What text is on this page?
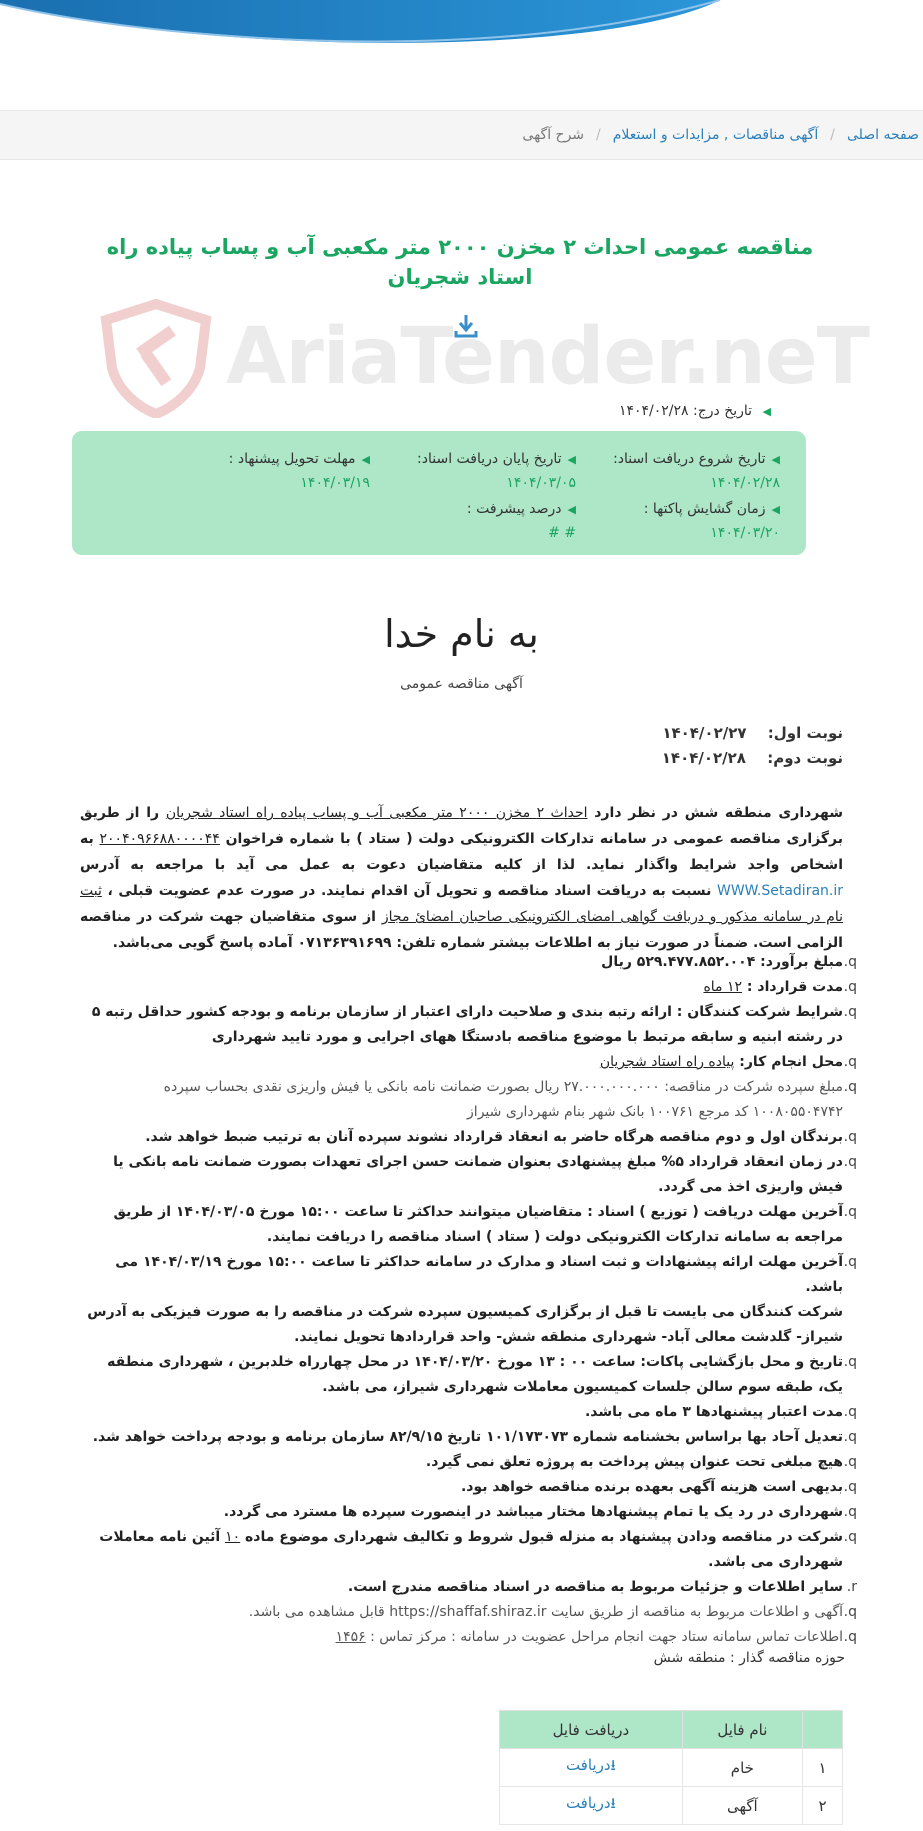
صفحه اصلی
/
آگهی مناقصات , مزایدات و استعلام
/
شرح آگهی
AriaTender.neT
مناقصه عمومی احداث ۲ مخزن ۲۰۰۰ متر مکعبی آب و پساب پیاده راه استاد شجریان
◀ تاریخ درج: ۱۴۰۴/۰۲/۲۸
◀تاریخ شروع دریافت اسناد:
۱۴۰۴/۰۲/۲۸
◀تاریخ پایان دریافت اسناد:
۱۴۰۴/۰۳/۰۵
◀مهلت تحویل پیشنهاد :
۱۴۰۴/۰۳/۱۹
◀زمان گشایش پاکتها :
۱۴۰۴/۰۳/۲۰
◀درصد پیشرفت :
# #
به نام خدا
آگهی مناقصه عمومی
نوبت اول: ۱۴۰۴/۰۲/۲۷
نوبت دوم: ۱۴۰۴/۰۲/۲۸
شهرداری منطقه شش در نظر دارد احداث ۲ مخزن ۲۰۰۰ متر مکعبی آب و پساب پیاده راه استاد شجریان را از طریق برگزاری مناقصه عمومی در سامانه تدارکات الکترونیکی دولت ( ستاد ) با شماره فراخوان ۲۰۰۴۰۹۶۶۸۸۰۰۰۰۴۴ به اشخاص واجد شرایط واگذار نماید. لذا از کلیه متقاضیان دعوت به عمل می آید با مراجعه به آدرس WWW.Setadiran.ir نسبت به دریافت اسناد مناقصه و تحویل آن اقدام نمایند. در صورت عدم عضویت قبلی ، ثبت نام در سامانه مذکور و دریافت گواهی امضای الکترونیکی صاحبان امضائ مجاز از سوی متقاضیان جهت شرکت در مناقصه الزامی است. ضمناً در صورت نیاز به اطلاعات بیشتر شماره تلفن: ۰۷۱۳۶۳۹۱۶۹۹ آماده پاسخ گویی می‌باشد.
q.
مبلغ برآورد: ۵۲۹.۴۷۷.۸۵۲.۰۰۴ ریال
q.
مدت قرارداد : ۱۲ ماه
q.
شرایط شرکت کنندگان : ارائه رتبه بندی و صلاحیت دارای اعتبار از سازمان برنامه و بودجه کشور حداقل رتبه ۵ در رشته ابنیه و سابقه مرتبط با موضوع مناقصه بادستگا ههای اجرایی و مورد تایید شهرداری
q.
محل انجام کار: پیاده راه استاد شجریان
q.
مبلغ سپرده شرکت در مناقصه: ۲۷.۰۰۰.۰۰۰.۰۰۰ ریال بصورت ضمانت نامه بانکی یا فیش واریزی نقدی بحساب سپرده ۱۰۰۸۰۵۵۰۴۷۴۲ کد مرجع ۱۰۰۷۶۱ بانک شهر بنام شهرداری شیراز
q.
برندگان اول و دوم مناقصه هرگاه حاضر به انعقاد قرارداد نشوند سپرده آنان به ترتیب ضبط خواهد شد.
q.
در زمان انعقاد قرارداد ۵% مبلغ پیشنهادی بعنوان ضمانت حسن اجرای تعهدات بصورت ضمانت نامه بانکی یا فیش واریزی اخذ می گردد.
q.
آخرین مهلت دریافت ( توزیع ) اسناد : متقاضیان میتوانند حداکثر تا ساعت ۱۵:۰۰ مورخ ۱۴۰۴/۰۳/۰۵ از طریق مراجعه به سامانه تدارکات الکترونیکی دولت ( ستاد ) اسناد مناقصه را دریافت نمایند.
q.
آخرین مهلت ارائه پیشنهادات و ثبت اسناد و مدارک در سامانه حداکثر تا ساعت ۱۵:۰۰ مورخ ۱۴۰۴/۰۳/۱۹ می باشد.
شرکت کنندگان می بایست تا قبل از برگزاری کمیسیون سپرده شرکت در مناقصه را به صورت فیزیکی به آدرس شیراز- گلدشت معالی آباد- شهرداری منطقه شش- واحد قراردادها تحویل نمایند.
q.
تاریخ و محل بازگشایی پاکات: ساعت ۰۰ : ۱۳ مورخ ۱۴۰۴/۰۳/۲۰ در محل چهارراه خلدبرین ، شهرداری منطقه یک، طبقه سوم سالن جلسات کمیسیون معاملات شهرداری شیراز، می باشد.
q.
مدت اعتبار پیشنهادها ۳ ماه می باشد.
q.
تعدیل آحاد بها براساس بخشنامه شماره ۱۰۱/۱۷۳۰۷۳ تاریخ ۸۲/۹/۱۵ سازمان برنامه و بودجه پرداخت خواهد شد.
q.
هیچ مبلغی تحت عنوان پیش پرداخت به پروژه تعلق نمی گیرد.
q.
بدیهی است هزینه آگهی بعهده برنده مناقصه خواهد بود.
q.
شهرداری در رد یک یا تمام پیشنهادها مختار میباشد در اینصورت سپرده ها مسترد می گردد.
q.
شرکت در مناقصه ودادن پیشنهاد به منزله قبول شروط و تکالیف شهرداری موضوع ماده ۱۰ آئین نامه معاملات شهرداری می باشد.
r.
سایر اطلاعات و جزئیات مربوط به مناقصه در اسناد مناقصه مندرج است.
q.
آگهی و اطلاعات مربوط به مناقصه از طریق سایت https://shaffaf.shiraz.ir قابل مشاهده می باشد.
q.
اطلاعات تماس سامانه ستاد جهت انجام مراحل عضویت در سامانه : مرکز تماس : ۱۴۵۶
حوزه مناقصه گذار : منطقه شش
	نام فایل	دریافت فایل
۱	خام	⭳دریافت
۲	آگهی	⭳دریافت
